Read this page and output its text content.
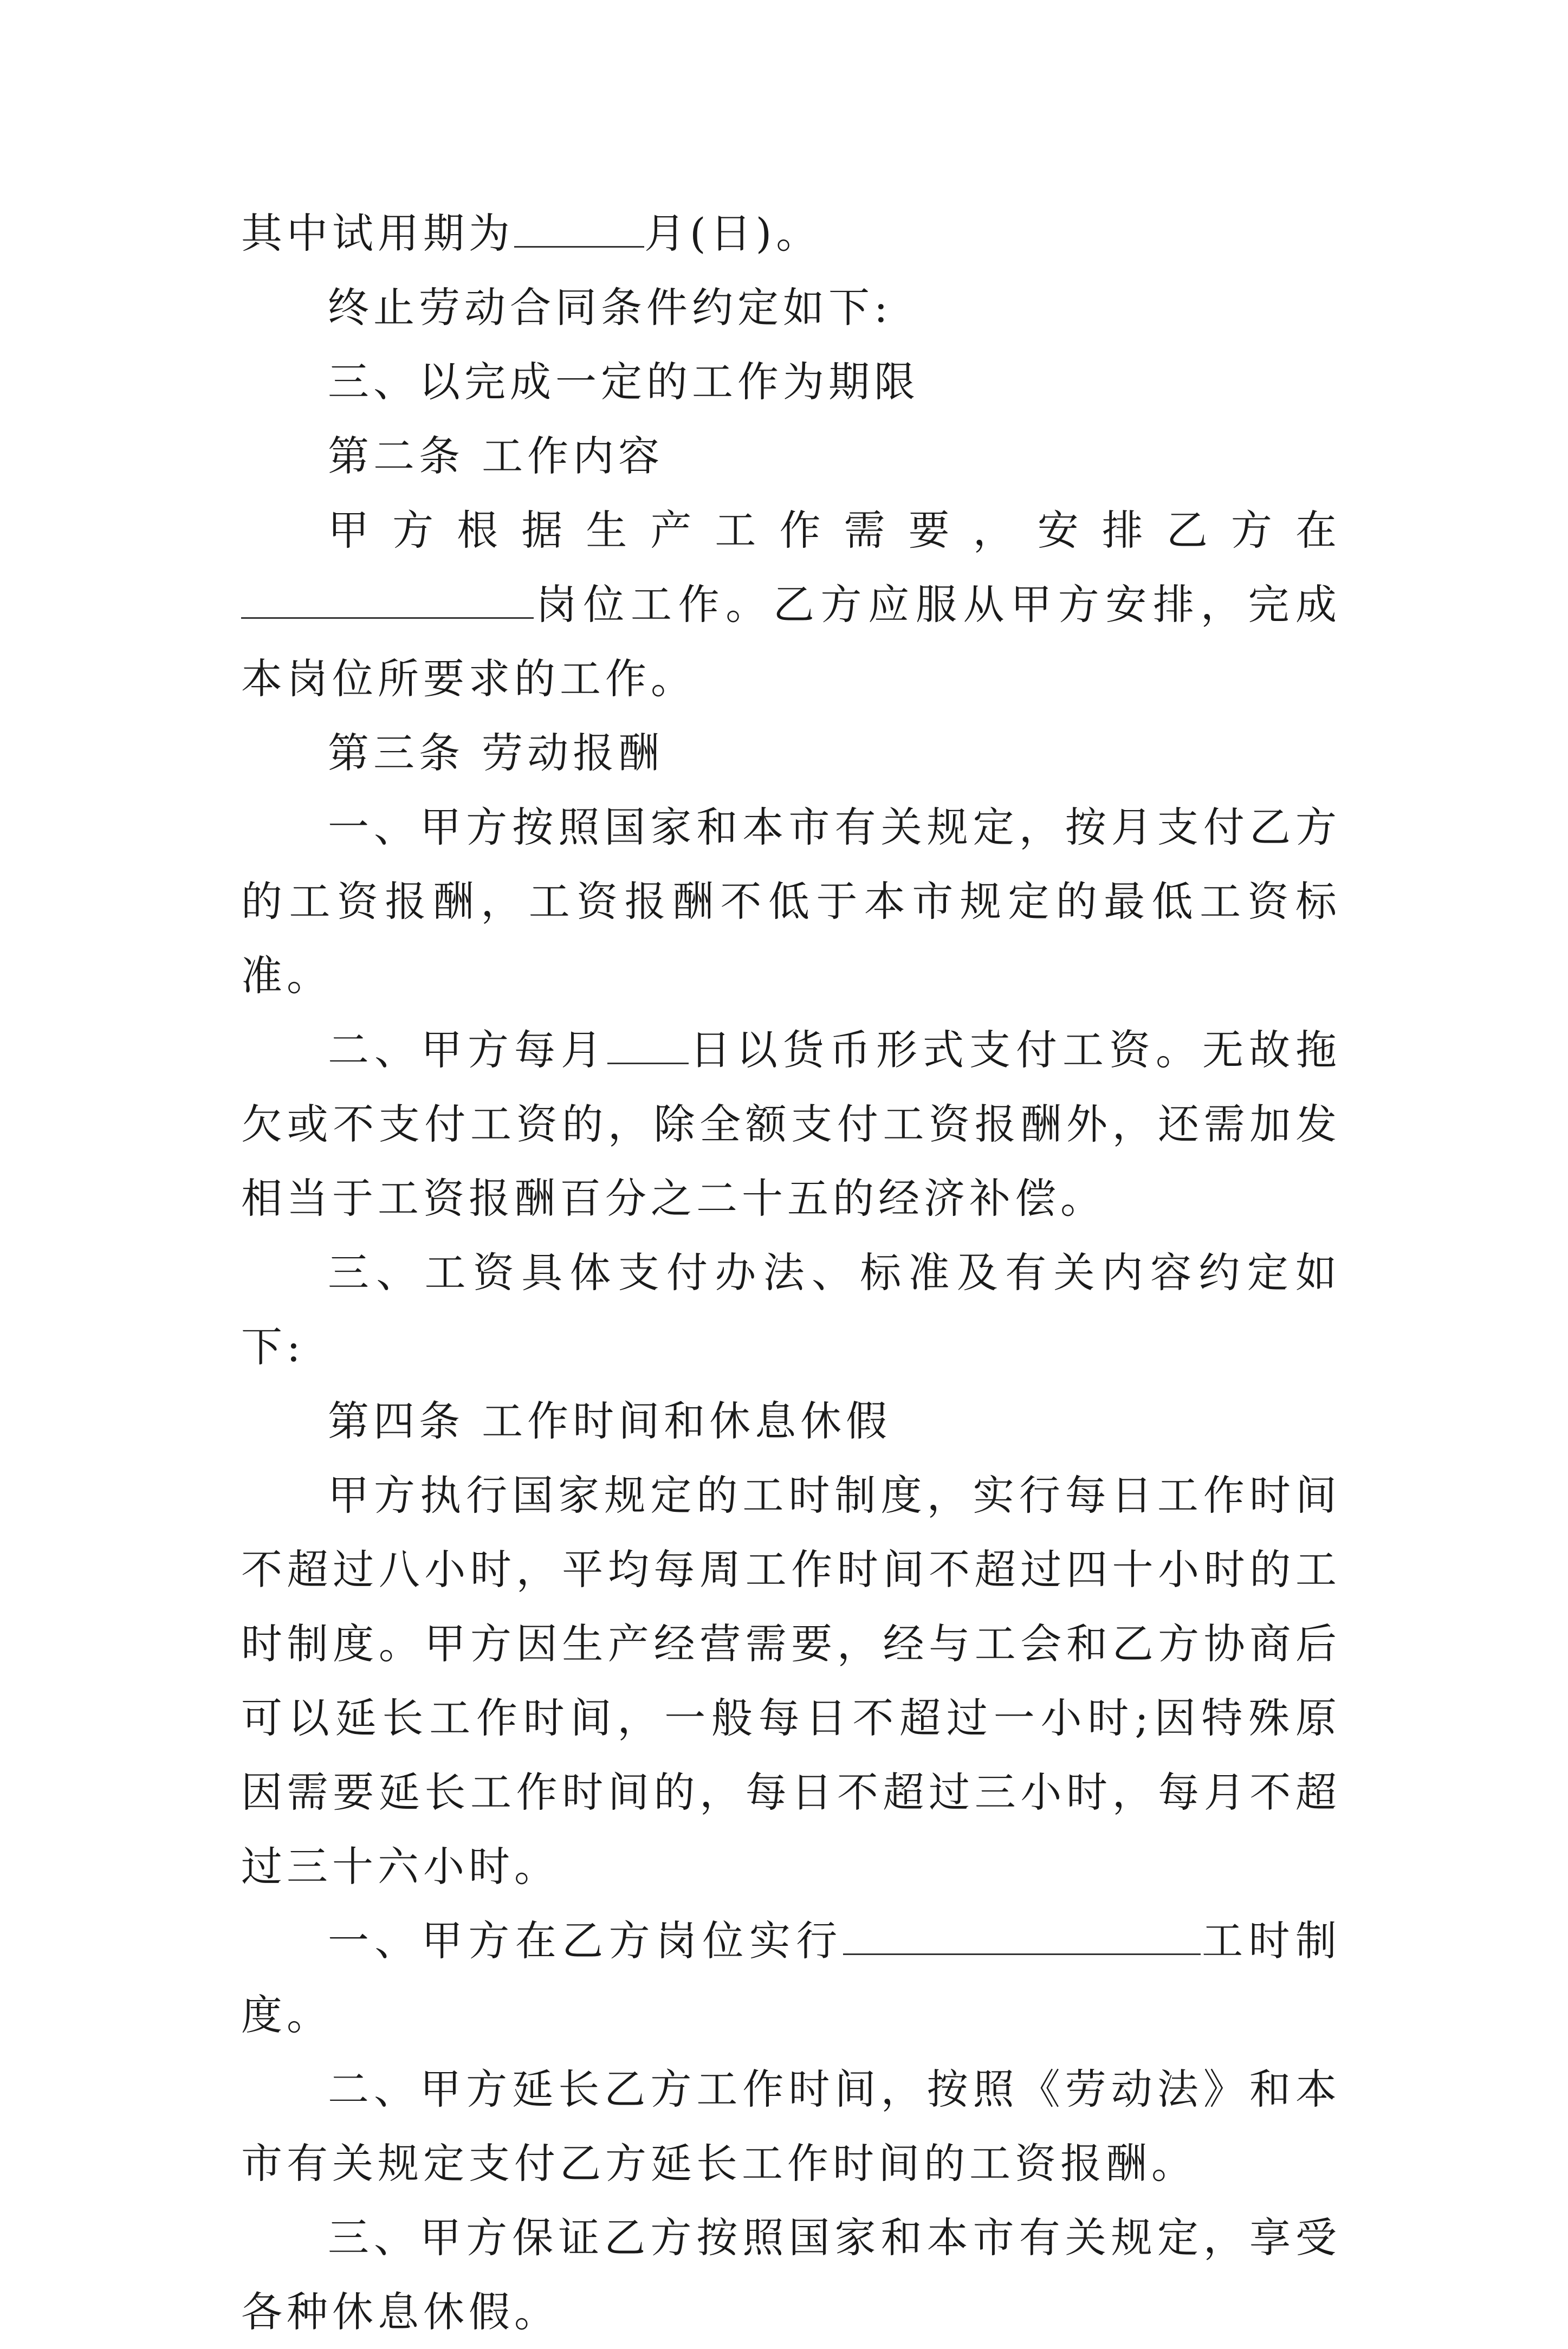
其中试用期为	月(日)。

终止劳动合同条件约定如下:

三、以完成一定的工作为期限

第二条 工作内容

甲方根据生产工作需要，安排乙方在岗位工作。乙方应服从甲方安排，完成本岗位所要求的工作。

第三条 劳动报酬

一、甲方按照国家和本市有关规定，按月支付乙方的工资报酬，工资报酬不低于本市规定的最低工资标准。

二、甲方每月 日以货币形式支付工资。无故拖欠或不支付工资的，除全额支付工资报酬外，还需加发相当于工资报酬百分之二十五的经济补偿。

三、工资具体支付办法、标准及有关内容约定如下:

第四条 工作时间和休息休假

甲方执行国家规定的工时制度，实行每日工作时间不超过八小时，平均每周工作时间不超过四十小时的工时制度。甲方因生产经营需要，经与工会和乙方协商后可以延长工作时间，一般每日不超过一小时;因特殊原因需要延长工作时间的，每日不超过三小时，每月不超过三十六小时。

一、甲方在乙方岗位实行	工时制度。

二、甲方延长乙方工作时间，按照《劳动法》和本市有关规定支付乙方延长工作时间的工资报酬。

三、甲方保证乙方按照国家和本市有关规定，享受各种休息休假。
